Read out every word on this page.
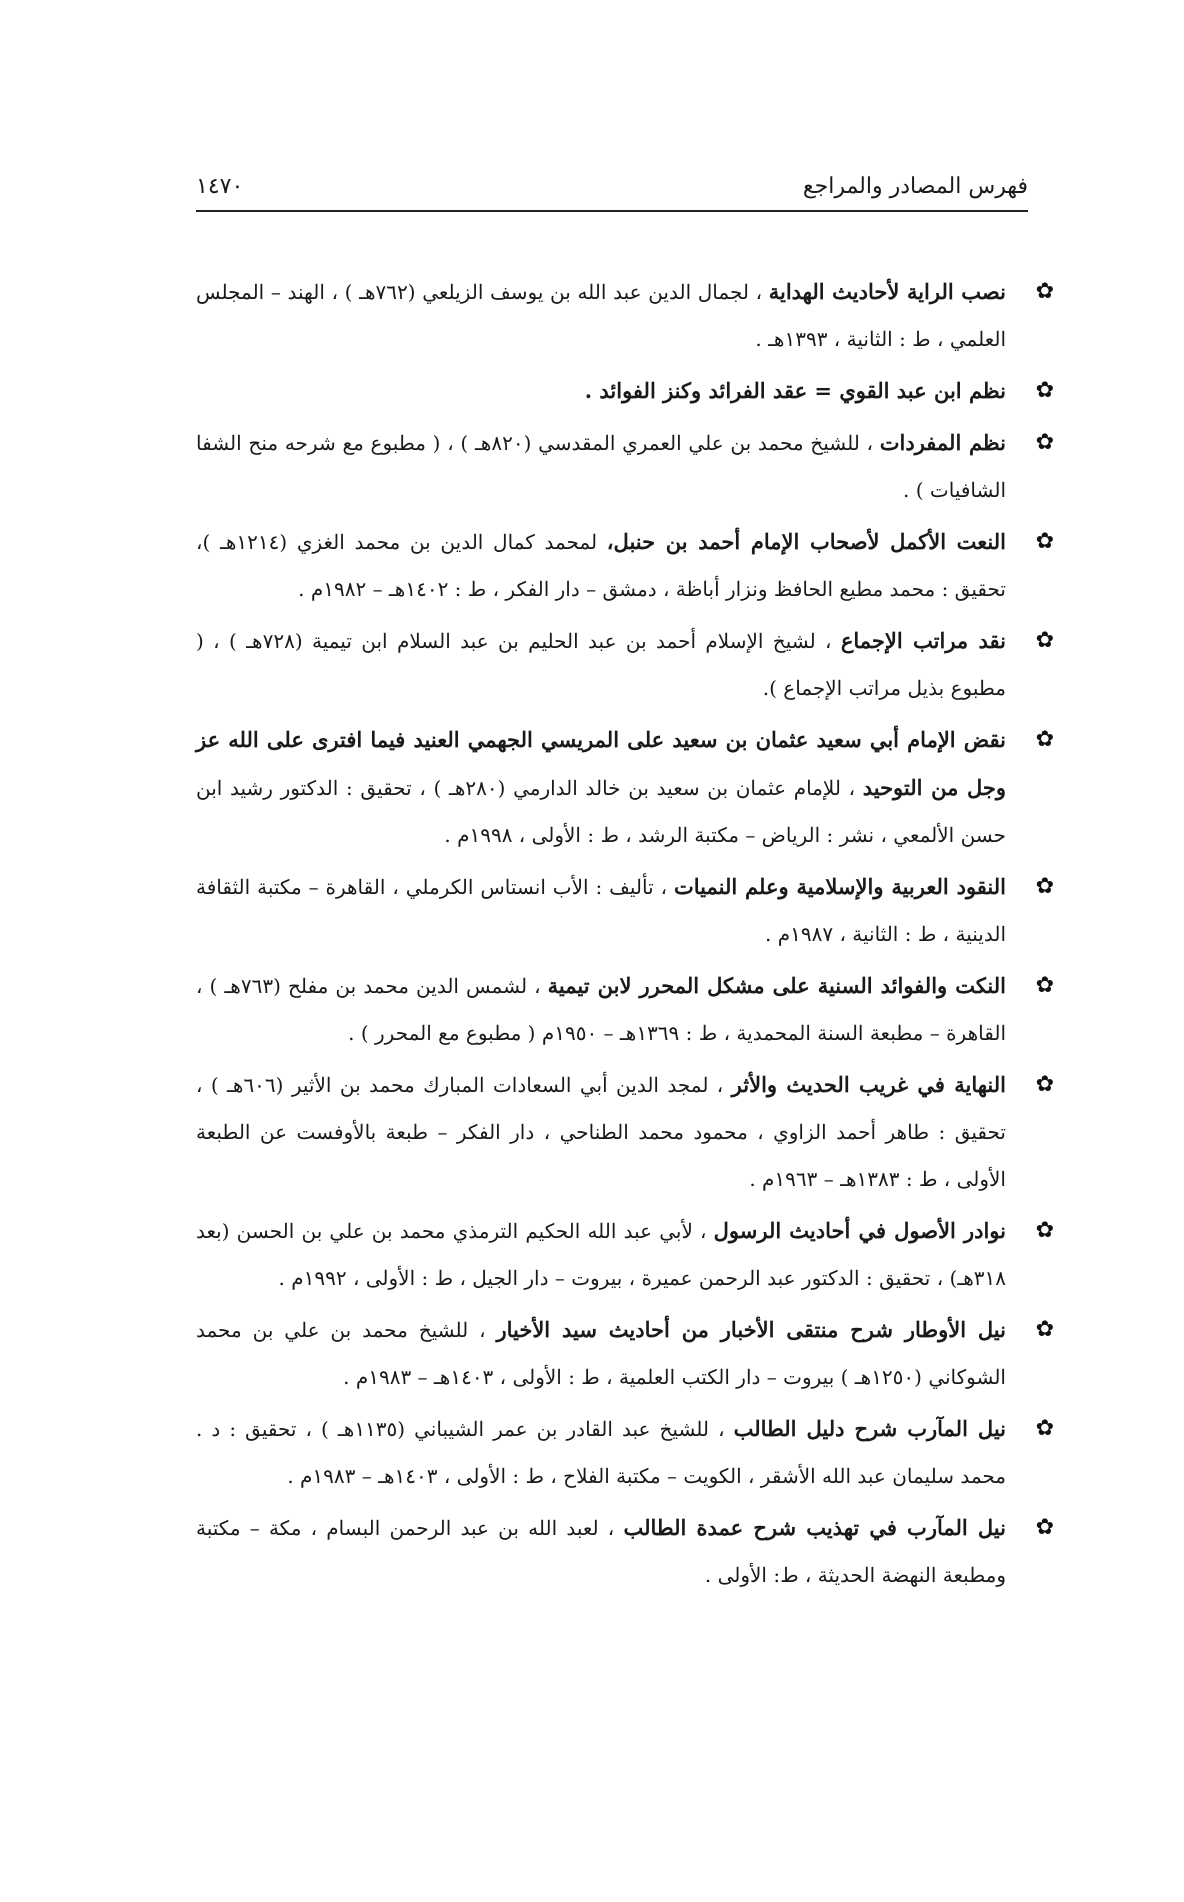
فهرس المصادر والمراجع
١٤٧٠
✿
نصب الراية لأحاديث الهداية ، لجمال الدين عبد الله بن يوسف الزيلعي (٧٦٢هـ ) ، الهند – المجلس العلمي ، ط : الثانية ، ١٣٩٣هـ .
✿
نظم ابن عبد القوي = عقد الفرائد وكنز الفوائد .
✿
نظم المفردات ، للشيخ محمد بن علي العمري المقدسي (٨٢٠هـ ) ، ( مطبوع مع شرحه منح الشفا الشافيات ) .
✿
النعت الأكمل لأصحاب الإمام أحمد بن حنبل، لمحمد كمال الدين بن محمد الغزي (١٢١٤هـ )، تحقيق : محمد مطيع الحافظ ونزار أباظة ، دمشق – دار الفكر ، ط : ١٤٠٢هـ – ١٩٨٢م .
✿
نقد مراتب الإجماع ، لشيخ الإسلام أحمد بن عبد الحليم بن عبد السلام ابن تيمية (٧٢٨هـ ) ، ( مطبوع بذيل مراتب الإجماع ).
✿
نقض الإمام أبي سعيد عثمان بن سعيد على المريسي الجهمي العنيد فيما افترى على الله عز وجل من التوحيد ، للإمام عثمان بن سعيد بن خالد الدارمي (٢٨٠هـ ) ، تحقيق : الدكتور رشيد ابن حسن الألمعي ، نشر : الرياض – مكتبة الرشد ، ط : الأولى ، ١٩٩٨م .
✿
النقود العربية والإسلامية وعلم النميات ، تأليف : الأب انستاس الكرملي ، القاهرة – مكتبة الثقافة الدينية ، ط : الثانية ، ١٩٨٧م .
✿
النكت والفوائد السنية على مشكل المحرر لابن تيمية ، لشمس الدين محمد بن مفلح (٧٦٣هـ ) ، القاهرة – مطبعة السنة المحمدية ، ط : ١٣٦٩هـ – ١٩٥٠م ( مطبوع مع المحرر ) .
✿
النهاية في غريب الحديث والأثر ، لمجد الدين أبي السعادات المبارك محمد بن الأثير (٦٠٦هـ ) ، تحقيق : طاهر أحمد الزاوي ، محمود محمد الطناحي ، دار الفكر – طبعة بالأوفست عن الطبعة الأولى ، ط : ١٣٨٣هـ – ١٩٦٣م .
✿
نوادر الأصول في أحاديث الرسول ، لأبي عبد الله الحكيم الترمذي محمد بن علي بن الحسن (بعد ٣١٨هـ) ، تحقيق : الدكتور عبد الرحمن عميرة ، بيروت – دار الجيل ، ط : الأولى ، ١٩٩٢م .
✿
نيل الأوطار شرح منتقى الأخبار من أحاديث سيد الأخيار ، للشيخ محمد بن علي بن محمد الشوكاني (١٢٥٠هـ ) بيروت – دار الكتب العلمية ، ط : الأولى ، ١٤٠٣هـ – ١٩٨٣م .
✿
نيل المآرب شرح دليل الطالب ، للشيخ عبد القادر بن عمر الشيباني (١١٣٥هـ ) ، تحقيق : د . محمد سليمان عبد الله الأشقر ، الكويت – مكتبة الفلاح ، ط : الأولى ، ١٤٠٣هـ – ١٩٨٣م .
✿
نيل المآرب في تهذيب شرح عمدة الطالب ، لعبد الله بن عبد الرحمن البسام ، مكة – مكتبة ومطبعة النهضة الحديثة ، ط: الأولى .
